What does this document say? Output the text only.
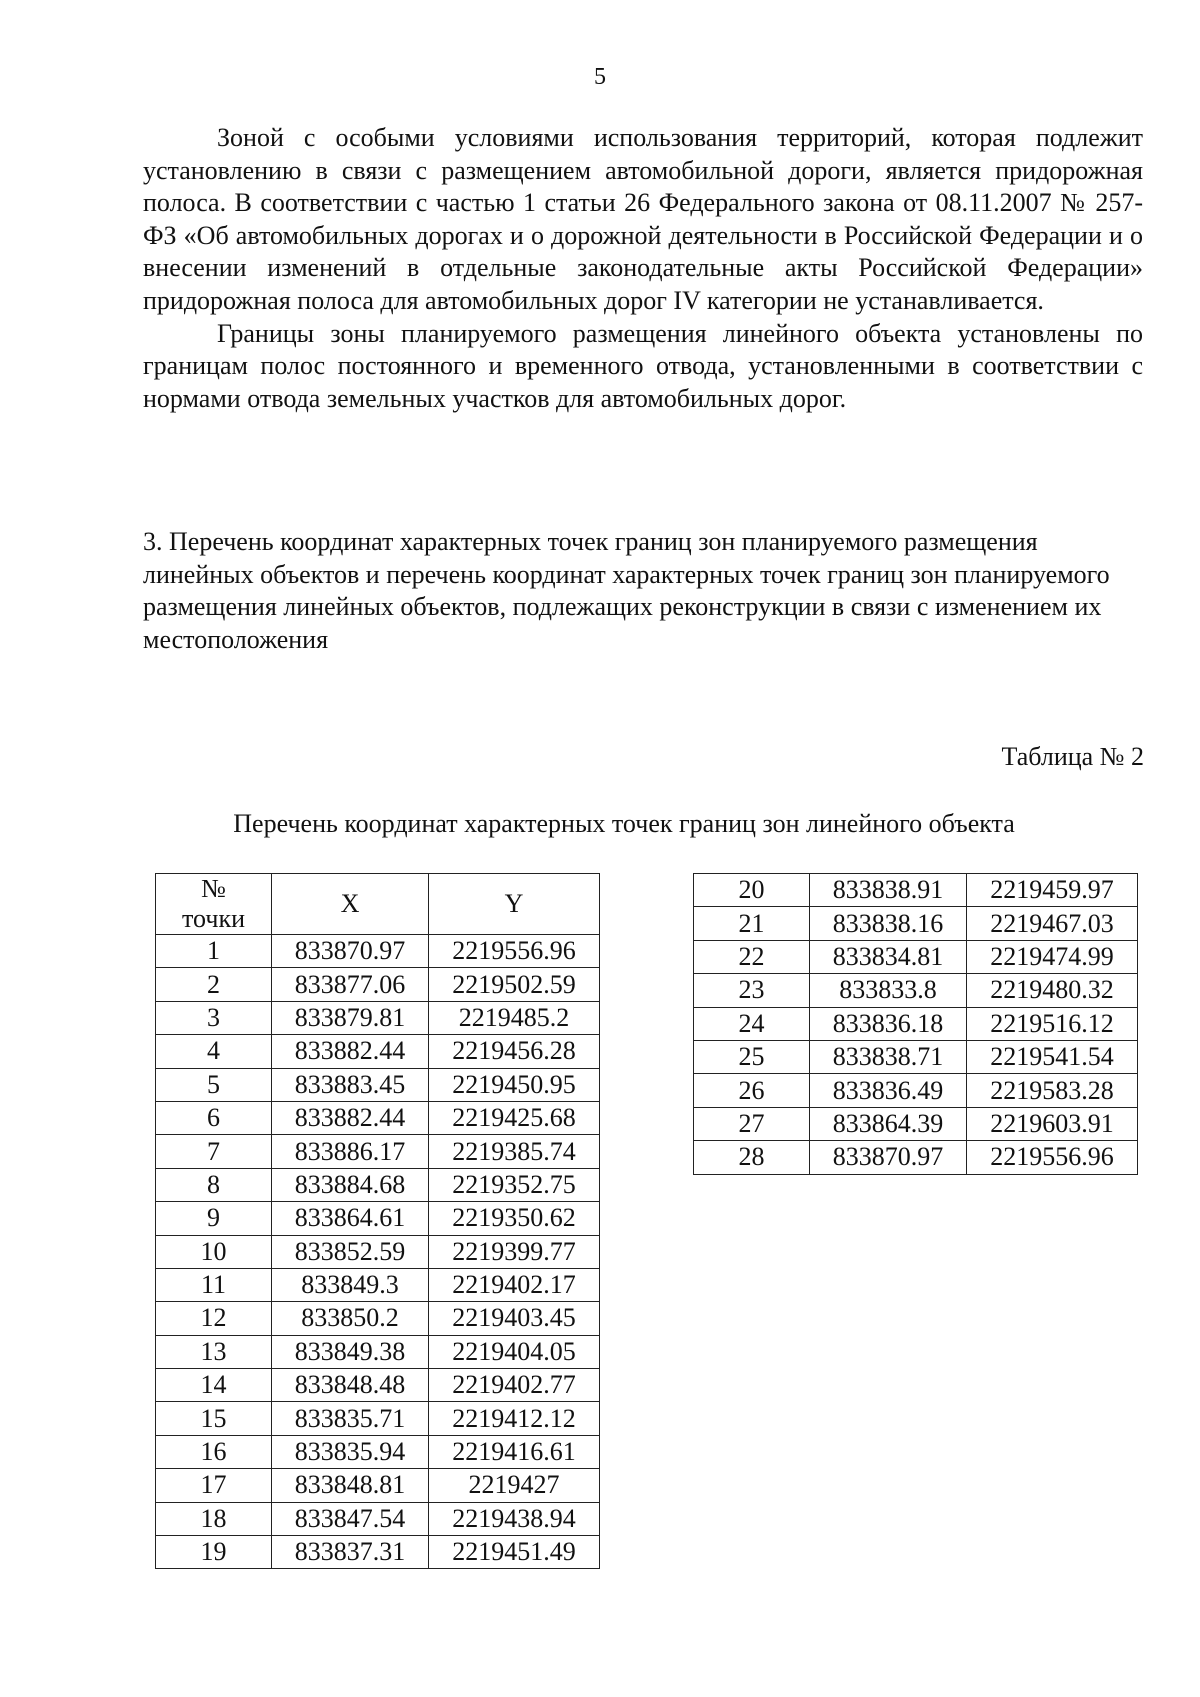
5

Зоной с особыми условиями использования территорий, которая подлежит установлению в связи с размещением автомобильной дороги, является придорожная полоса. В соответствии с частью 1 статьи 26 Федерального закона от 08.11.2007 № 257-ФЗ «Об автомобильных дорогах и о дорожной деятельности в Российской Федерации и о внесении изменений в отдельные законодательные акты Российской Федерации» придорожная полоса для автомобильных дорог IV категории не устанавливается.

Границы зоны планируемого размещения линейного объекта установлены по границам полос постоянного и временного отвода, установленными в соответствии с нормами отвода земельных участков для автомобильных дорог.

3. Перечень координат характерных точек границ зон планируемого размещения линейных объектов и перечень координат характерных точек границ зон планируемого размещения линейных объектов, подлежащих реконструкции в связи с изменением их местоположения

Таблица № 2

Перечень координат характерных точек границ зон линейного объекта

№
точки	X	Y
1	833870.97	2219556.96
2	833877.06	2219502.59
3	833879.81	2219485.2
4	833882.44	2219456.28
5	833883.45	2219450.95
6	833882.44	2219425.68
7	833886.17	2219385.74
8	833884.68	2219352.75
9	833864.61	2219350.62
10	833852.59	2219399.77
11	833849.3	2219402.17
12	833850.2	2219403.45
13	833849.38	2219404.05
14	833848.48	2219402.77
15	833835.71	2219412.12
16	833835.94	2219416.61
17	833848.81	2219427
18	833847.54	2219438.94
19	833837.31	2219451.49
20	833838.91	2219459.97
21	833838.16	2219467.03
22	833834.81	2219474.99
23	833833.8	2219480.32
24	833836.18	2219516.12
25	833838.71	2219541.54
26	833836.49	2219583.28
27	833864.39	2219603.91
28	833870.97	2219556.96
